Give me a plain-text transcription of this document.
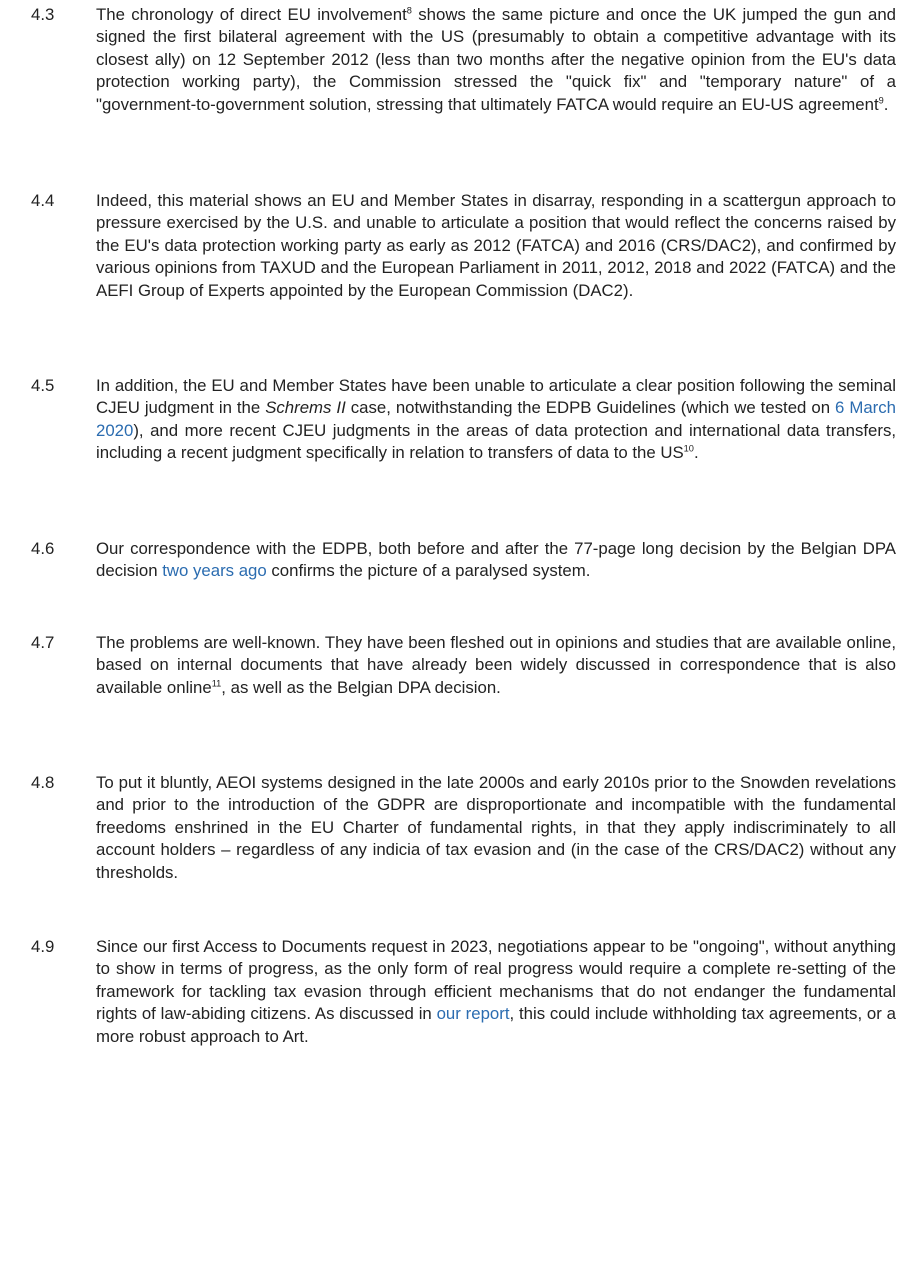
4.3 The chronology of direct EU involvement$^8$ shows the same picture and once the UK jumped the gun and signed the first bilateral agreement with the US (presumably to obtain a competitive advantage with its closest ally) on 12 September 2012 (less than two months after the negative opinion from the EU's data protection working party), the Commission stressed the "quick fix" and "temporary nature" of a "government-to-government solution, stressing that ultimately FATCA would require an EU-US agreement$^9$.

4.4 Indeed, this material shows an EU and Member States in disarray, responding in a scattergun approach to pressure exercised by the U.S. and unable to articulate a position that would reflect the concerns raised by the EU's data protection working party as early as 2012 (FATCA) and 2016 (CRS/DAC2), and confirmed by various opinions from TAXUD and the European Parliament in 2011, 2012, 2018 and 2022 (FATCA) and the AEFI Group of Experts appointed by the European Commission (DAC2).

4.5 In addition, the EU and Member States have been unable to articulate a clear position following the seminal CJEU judgment in the Schrems II case, notwithstanding the EDPB Guidelines (which we tested on 6 March 2020), and more recent CJEU judgments in the areas of data protection and international data transfers, including a recent judgment specifically in relation to transfers of data to the US$^{10}$.

4.6 Our correspondence with the EDPB, both before and after the 77-page long decision by the Belgian DPA decision two years ago confirms the picture of a paralysed system.

4.7 The problems are well-known. They have been fleshed out in opinions and studies that are available online, based on internal documents that have already been widely discussed in correspondence that is also available online$^{11}$, as well as the Belgian DPA decision.

4.8 To put it bluntly, AEOI systems designed in the late 2000s and early 2010s prior to the Snowden revelations and prior to the introduction of the GDPR are disproportionate and incompatible with the fundamental freedoms enshrined in the EU Charter of fundamental rights, in that they apply indiscriminately to all account holders – regardless of any indicia of tax evasion and (in the case of the CRS/DAC2) without any thresholds.

4.9 Since our first Access to Documents request in 2023, negotiations appear to be "ongoing", without anything to show in terms of progress, as the only form of real progress would require a complete re-setting of the framework for tackling tax evasion through efficient mechanisms that do not endanger the fundamental rights of law-abiding citizens. As discussed in our report, this could include withholding tax agreements, or a more robust approach to Art.
